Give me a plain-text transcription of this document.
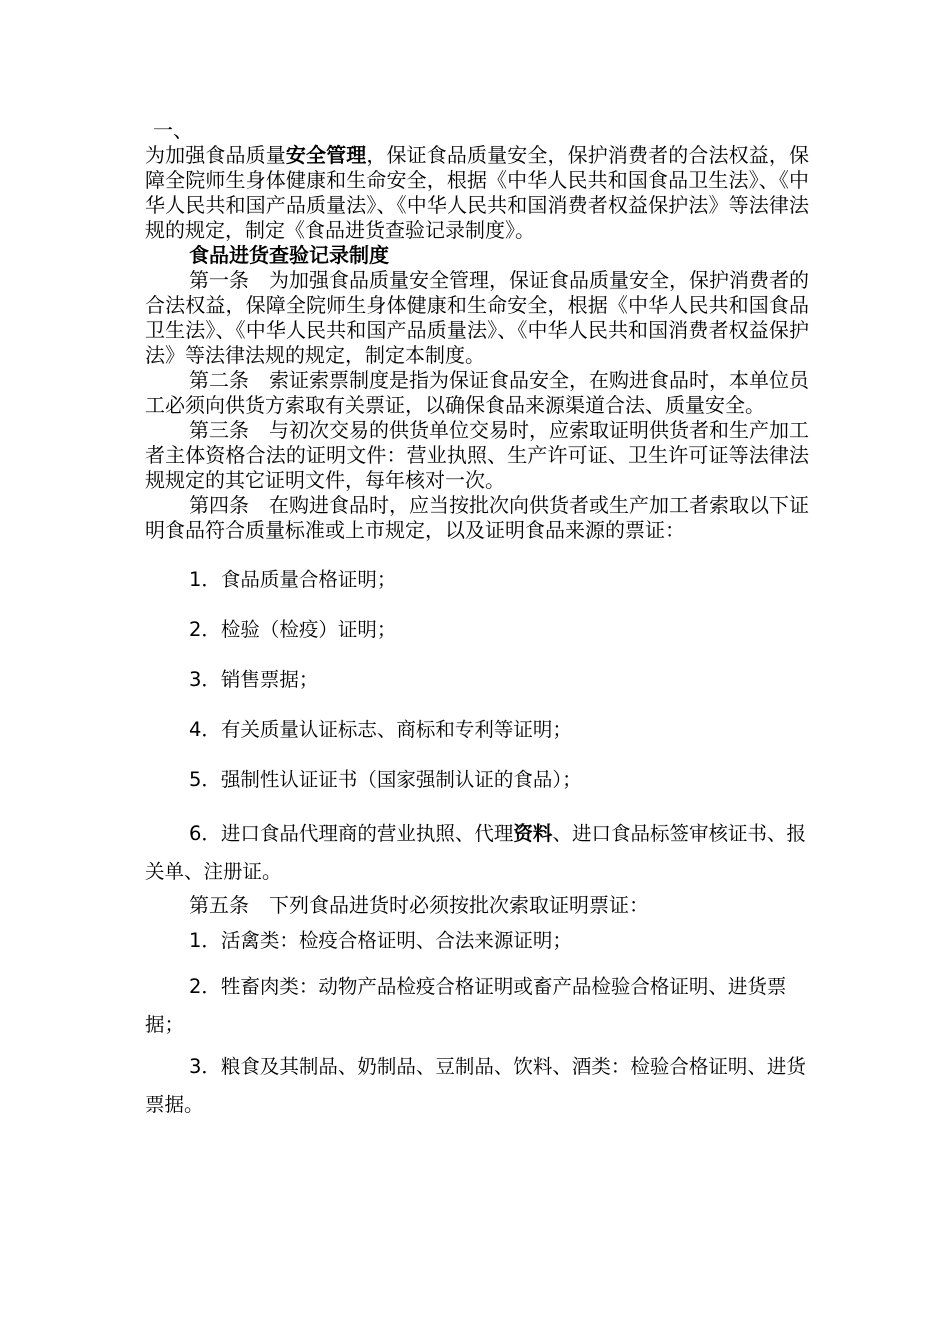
一、

为加强食品质量安全管理，保证食品质量安全，保护消费者的合法权益，保障全院师生身体健康和生命安全，根据《中华人民共和国食品卫生法》、《中华人民共和国产品质量法》、《中华人民共和国消费者权益保护法》等法律法规的规定，制定《食品进货查验记录制度》。

食品进货查验记录制度

第一条　为加强食品质量安全管理，保证食品质量安全，保护消费者的合法权益，保障全院师生身体健康和生命安全，根据《中华人民共和国食品卫生法》、《中华人民共和国产品质量法》、《中华人民共和国消费者权益保护法》等法律法规的规定，制定本制度。

第二条　索证索票制度是指为保证食品安全，在购进食品时，本单位员工必须向供货方索取有关票证，以确保食品来源渠道合法、质量安全。

第三条　与初次交易的供货单位交易时，应索取证明供货者和生产加工者主体资格合法的证明文件：营业执照、生产许可证、卫生许可证等法律法规规定的其它证明文件，每年核对一次。

第四条　在购进食品时，应当按批次向供货者或生产加工者索取以下证明食品符合质量标准或上市规定，以及证明食品来源的票证：

1．食品质量合格证明；

2．检验（检疫）证明；

3．销售票据；

4．有关质量认证标志、商标和专利等证明；

5．强制性认证证书（国家强制认证的食品）；

6．进口食品代理商的营业执照、代理资料、进口食品标签审核证书、报关单、注册证。

第五条　下列食品进货时必须按批次索取证明票证：

1．活禽类：检疫合格证明、合法来源证明；

2．牲畜肉类：动物产品检疫合格证明或畜产品检验合格证明、进货票据；

3．粮食及其制品、奶制品、豆制品、饮料、酒类：检验合格证明、进货票据。
